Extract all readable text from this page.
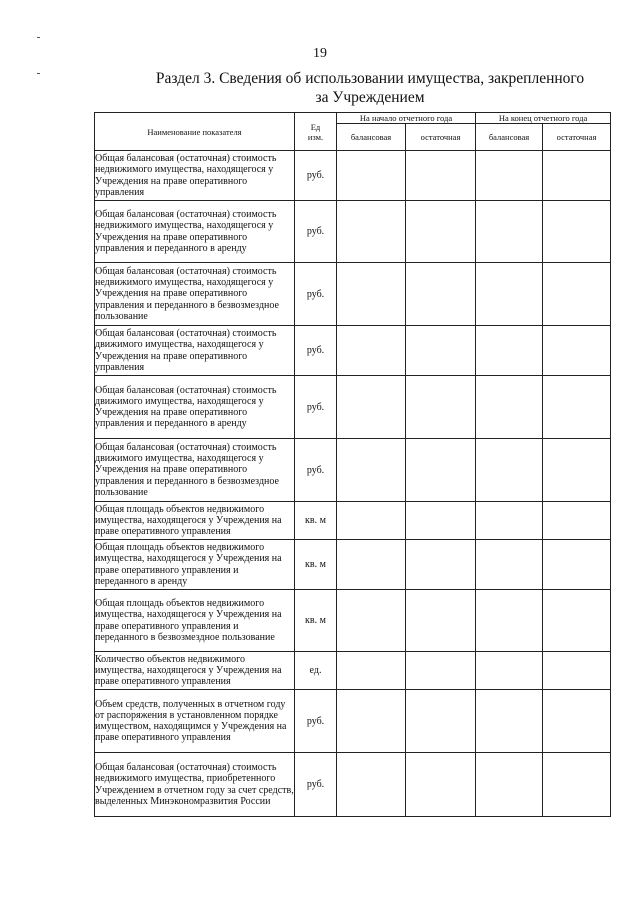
19
Раздел 3. Сведения об использовании имущества, закрепленного
за Учреждением
Наименование показателя	Ед изм.	На начало отчетного года		На конец отчетного года	
		балансовая	остаточная	балансовая	остаточная
Общая балансовая (остаточная) стоимость недвижимого имущества, находящегося у Учреждения на праве оперативного управления	руб.				
Общая балансовая (остаточная) стоимость недвижимого имущества, находящегося у Учреждения на праве оперативного управления и переданного в аренду	руб.				
Общая балансовая (остаточная) стоимость недвижимого имущества, находящегося у Учреждения на праве оперативного управления и переданного в безвозмездное пользование	руб.				
Общая балансовая (остаточная) стоимость движимого имущества, находящегося у Учреждения на праве оперативного управления	руб.				
Общая балансовая (остаточная) стоимость движимого имущества, находящегося у Учреждения на праве оперативного управления и переданного в аренду	руб.				
Общая балансовая (остаточная) стоимость движимого имущества, находящегося у Учреждения на праве оперативного управления и переданного в безвозмездное пользование	руб.				
Общая площадь объектов недвижимого имущества, находящегося у Учреждения на праве оперативного управления	кв. м				
Общая площадь объектов недвижимого имущества, находящегося у Учреждения на праве оперативного управления и переданного в аренду	кв. м				
Общая площадь объектов недвижимого имущества, находящегося у Учреждения на праве оперативного управления и переданного в безвозмездное пользование	кв. м				
Количество объектов недвижимого имущества, находящегося у Учреждения на праве оперативного управления	ед.				
Объем средств, полученных в отчетном году от распоряжения в установленном порядке имуществом, находящимся у Учреждения на праве оперативного управления	руб.				
Общая балансовая (остаточная) стоимость недвижимого имущества, приобретенного Учреждением в отчетном году за счет средств, выделенных Минэкономразвития России	руб.				
